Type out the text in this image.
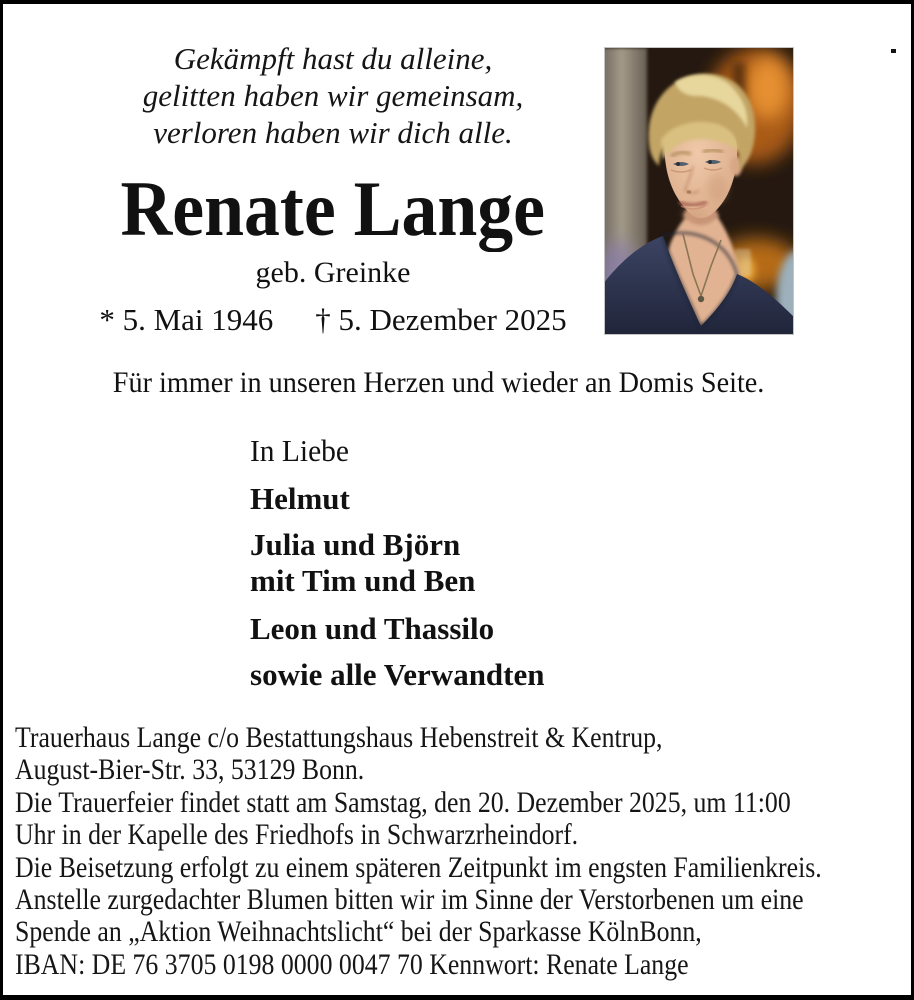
Gekämpft hast du alleine,
gelitten haben wir gemeinsam,
verloren haben wir dich alle.
Renate Lange
geb. Greinke
* 5. Mai 1946 † 5. Dezember 2025
Für immer in unseren Herzen und wieder an Domis Seite.
In Liebe
Helmut
Julia und Björn
mit Tim und Ben
Leon und Thassilo
sowie alle Verwandten
Trauerhaus Lange c/o Bestattungshaus Hebenstreit & Kentrup,
August-Bier-Str. 33, 53129 Bonn.
Die Trauerfeier findet statt am Samstag, den 20. Dezember 2025, um 11:00
Uhr in der Kapelle des Friedhofs in Schwarzrheindorf.
Die Beisetzung erfolgt zu einem späteren Zeitpunkt im engsten Familienkreis.
Anstelle zurgedachter Blumen bitten wir im Sinne der Verstorbenen um eine
Spende an „Aktion Weihnachtslicht“ bei der Sparkasse KölnBonn,
IBAN: DE 76 3705 0198 0000 0047 70 Kennwort: Renate Lange
